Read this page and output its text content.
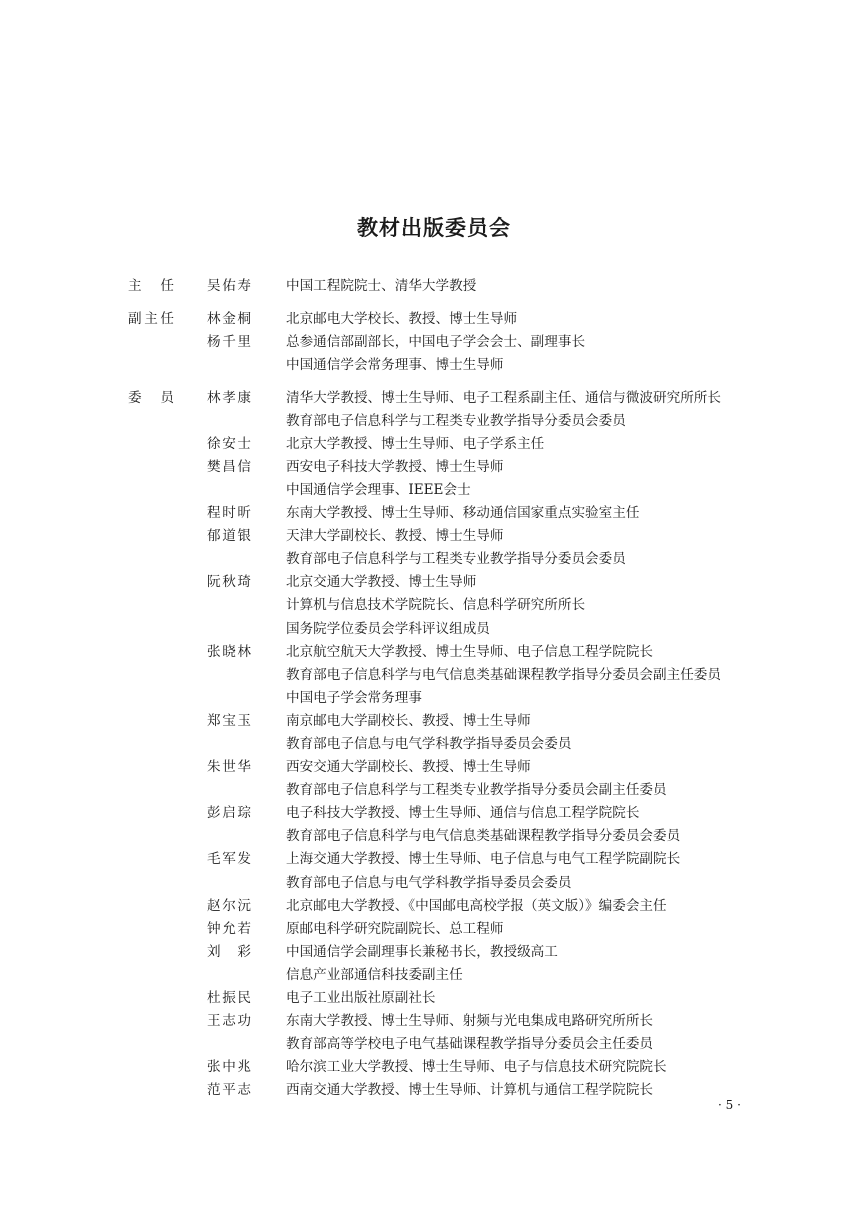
教材出版委员会
主任 吴佑寿	中国工程院院士、清华大学教授
副主任 林金桐	北京邮电大学校长、教授、博士生导师
杨千里	总参通信部副部长，中国电子学会会士、副理事长
中国通信学会常务理事、博士生导师
委员 林孝康	清华大学教授、博士生导师、电子工程系副主任、通信与微波研究所所长
教育部电子信息科学与工程类专业教学指导分委员会委员
徐安士	北京大学教授、博士生导师、电子学系主任
樊昌信	西安电子科技大学教授、博士生导师
中国通信学会理事、IEEE会士
程时昕	东南大学教授、博士生导师、移动通信国家重点实验室主任
郁道银	天津大学副校长、教授、博士生导师
教育部电子信息科学与工程类专业教学指导分委员会委员
阮秋琦	北京交通大学教授、博士生导师
计算机与信息技术学院院长、信息科学研究所所长
国务院学位委员会学科评议组成员
张晓林	北京航空航天大学教授、博士生导师、电子信息工程学院院长
教育部电子信息科学与电气信息类基础课程教学指导分委员会副主任委员
中国电子学会常务理事
郑宝玉	南京邮电大学副校长、教授、博士生导师
教育部电子信息与电气学科教学指导委员会委员
朱世华	西安交通大学副校长、教授、博士生导师
教育部电子信息科学与工程类专业教学指导分委员会副主任委员
彭启琮	电子科技大学教授、博士生导师、通信与信息工程学院院长
教育部电子信息科学与电气信息类基础课程教学指导分委员会委员
毛军发	上海交通大学教授、博士生导师、电子信息与电气工程学院副院长
教育部电子信息与电气学科教学指导委员会委员
赵尔沅	北京邮电大学教授、《中国邮电高校学报（英文版）》编委会主任
钟允若	原邮电科学研究院副院长、总工程师
刘彩	中国通信学会副理事长兼秘书长，教授级高工
信息产业部通信科技委副主任
杜振民	电子工业出版社原副社长
王志功	东南大学教授、博士生导师、射频与光电集成电路研究所所长
教育部高等学校电子电气基础课程教学指导分委员会主任委员
张中兆	哈尔滨工业大学教授、博士生导师、电子与信息技术研究院院长
范平志	西南交通大学教授、博士生导师、计算机与通信工程学院院长
· 5 ·
